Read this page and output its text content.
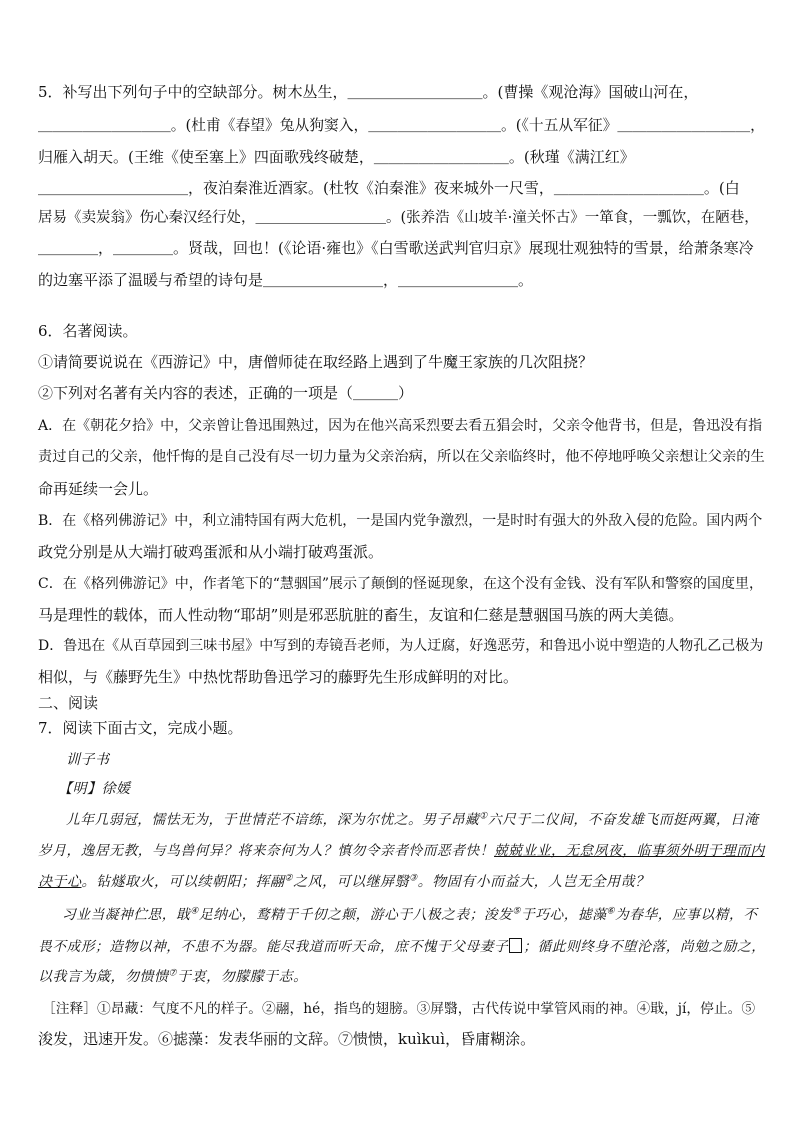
5．补写出下列句子中的空缺部分。树木丛生，＿＿＿＿＿＿＿＿＿。(曹操《观沧海》国破山河在，
＿＿＿＿＿＿＿＿＿。(杜甫《春望》兔从狗窦入，＿＿＿＿＿＿＿＿＿。(《十五从军征》＿＿＿＿＿＿＿＿＿，
归雁入胡天。(王维《使至塞上》四面歌残终破楚，＿＿＿＿＿＿＿＿＿。(秋瑾《满江红》
＿＿＿＿＿＿＿＿＿＿，夜泊秦淮近酒家。(杜牧《泊秦淮》夜来城外一尺雪，＿＿＿＿＿＿＿＿＿＿。(白
居易《卖炭翁》伤心秦汉经行处，＿＿＿＿＿＿＿＿＿。(张养浩《山坡羊·潼关怀古》一箪食，一瓢饮，在陋巷，
＿＿＿＿，＿＿＿＿。贤哉，回也！(《论语·雍也》《白雪歌送武判官归京》展现壮观独特的雪景，给萧条寒冷
的边塞平添了温暖与希望的诗句是＿＿＿＿＿＿＿＿，＿＿＿＿＿＿＿＿。
6．名著阅读。
①请简要说说在《西游记》中，唐僧师徒在取经路上遇到了牛魔王家族的几次阻挠？
②下列对名著有关内容的表述，正确的一项是（＿＿＿）
A．在《朝花夕拾》中，父亲曾让鲁迅围熟过，因为在他兴高采烈要去看五猖会时，父亲令他背书，但是，鲁迅没有指
责过自己的父亲，他忏悔的是自己没有尽一切力量为父亲治病，所以在父亲临终时，他不停地呼唤父亲想让父亲的生
命再延续一会儿。
B．在《格列佛游记》中，利立浦特国有两大危机，一是国内党争激烈，一是时时有强大的外敌入侵的危险。国内两个
政党分别是从大端打破鸡蛋派和从小端打破鸡蛋派。
C．在《格列佛游记》中，作者笔下的“慧骃国”展示了颠倒的怪诞现象，在这个没有金钱、没有军队和警察的国度里，
马是理性的载体，而人性动物“耶胡”则是邪恶肮脏的畜生，友谊和仁慈是慧骃国马族的两大美德。
D．鲁迅在《从百草园到三味书屋》中写到的寿镜吾老师，为人迂腐，好逸恶劳，和鲁迅小说中塑造的人物孔乙己极为
相似，与《藤野先生》中热忱帮助鲁迅学习的藤野先生形成鲜明的对比。
二、阅读
7．阅读下面古文，完成小题。
训子书
【明】徐媛
儿年几弱冠，懦怯无为，于世情茫不谙练，深为尔忧之。男子昂藏①六尺于二仪间，不奋发雄飞而挺两翼，日淹
岁月，逸居无教，与鸟兽何异？将来奈何为人？慎勿令亲者怜而恶者快！兢兢业业，无怠夙夜，临事须外明于理而内
决于心。钻燧取火，可以续朝阳；挥翮②之风，可以继屏翳③。物固有小而益大，人岂无全用哉？
习业当凝神伫思，戢④足纳心，鹜精于千仞之颠，游心于八极之表；浚发⑤于巧心，摅藻⑥为春华，应事以精，不
畏不成形；造物以神，不患不为器。能尽我道而听天命，庶不愧于父母妻子 ；循此则终身不堕沦落，尚勉之励之，
以我言为箴，勿愦愦⑦于衷，勿朦朦于志。
［注释］①昂藏：气度不凡的样子。②翮，hé，指鸟的翅膀。③屏翳，古代传说中掌管风雨的神。④戢，jí，停止。⑤
浚发，迅速开发。⑥摅藻：发表华丽的文辞。⑦愦愦，kuìkuì，昏庸糊涂。
